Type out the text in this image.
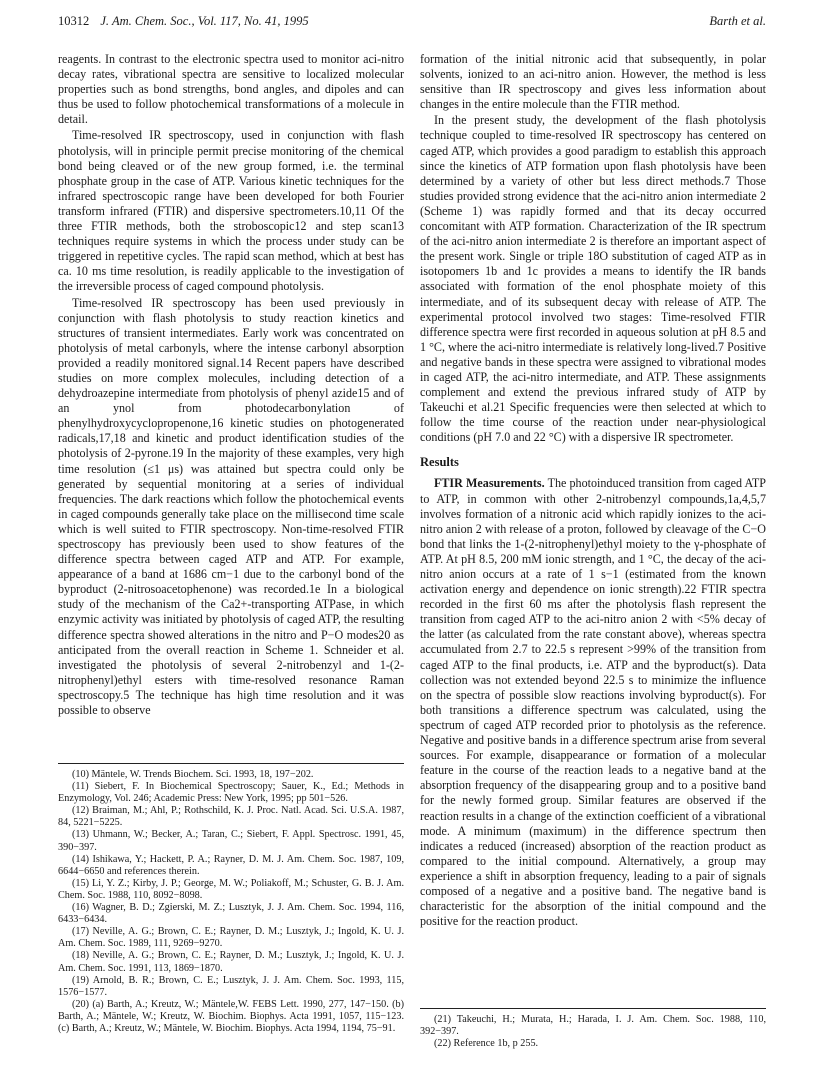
10312 J. Am. Chem. Soc., Vol. 117, No. 41, 1995	Barth et al.

reagents. In contrast to the electronic spectra used to monitor aci-nitro decay rates, vibrational spectra are sensitive to localized molecular properties such as bond strengths, bond angles, and dipoles and can thus be used to follow photochemical transformations of a molecule in detail.

Time-resolved IR spectroscopy, used in conjunction with flash photolysis, will in principle permit precise monitoring of the chemical bond being cleaved or of the new group formed, i.e. the terminal phosphate group in the case of ATP. Various kinetic techniques for the infrared spectroscopic range have been developed for both Fourier transform infrared (FTIR) and dispersive spectrometers.10,11 Of the three FTIR methods, both the stroboscopic12 and step scan13 techniques require systems in which the process under study can be triggered in repetitive cycles. The rapid scan method, which at best has ca. 10 ms time resolution, is readily applicable to the investigation of the irreversible process of caged compound photolysis.

Time-resolved IR spectroscopy has been used previously in conjunction with flash photolysis to study reaction kinetics and structures of transient intermediates. Early work was concentrated on photolysis of metal carbonyls, where the intense carbonyl absorption provided a readily monitored signal.14 Recent papers have described studies on more complex molecules, including detection of a dehydroazepine intermediate from photolysis of phenyl azide15 and of an ynol from photodecarbonylation of phenylhydroxycyclopropenone,16 kinetic studies on photogenerated radicals,17,18 and kinetic and product identification studies of the photolysis of 2-pyrone.19 In the majority of these examples, very high time resolution (≤1 μs) was attained but spectra could only be generated by sequential monitoring at a series of individual frequencies. The dark reactions which follow the photochemical events in caged compounds generally take place on the millisecond time scale which is well suited to FTIR spectroscopy. Non-time-resolved FTIR spectroscopy has previously been used to show features of the difference spectra between caged ATP and ATP. For example, appearance of a band at 1686 cm−1 due to the carbonyl bond of the byproduct (2-nitrosoacetophenone) was recorded.1e In a biological study of the mechanism of the Ca2+-transporting ATPase, in which enzymic activity was initiated by photolysis of caged ATP, the resulting difference spectra showed alterations in the nitro and P−O modes20 as anticipated from the overall reaction in Scheme 1. Schneider et al. investigated the photolysis of several 2-nitrobenzyl and 1-(2-nitrophenyl)ethyl esters with time-resolved resonance Raman spectroscopy.5 The technique has high time resolution and it was possible to observe

(10) Mäntele, W. Trends Biochem. Sci. 1993, 18, 197−202.

(11) Siebert, F. In Biochemical Spectroscopy; Sauer, K., Ed.; Methods in Enzymology, Vol. 246; Academic Press: New York, 1995; pp 501−526.

(12) Braiman, M.; Ahl, P.; Rothschild, K. J. Proc. Natl. Acad. Sci. U.S.A. 1987, 84, 5221−5225.

(13) Uhmann, W.; Becker, A.; Taran, C.; Siebert, F. Appl. Spectrosc. 1991, 45, 390−397.

(14) Ishikawa, Y.; Hackett, P. A.; Rayner, D. M. J. Am. Chem. Soc. 1987, 109, 6644−6650 and references therein.

(15) Li, Y. Z.; Kirby, J. P.; George, M. W.; Poliakoff, M.; Schuster, G. B. J. Am. Chem. Soc. 1988, 110, 8092−8098.

(16) Wagner, B. D.; Zgierski, M. Z.; Lusztyk, J. J. Am. Chem. Soc. 1994, 116, 6433−6434.

(17) Neville, A. G.; Brown, C. E.; Rayner, D. M.; Lusztyk, J.; Ingold, K. U. J. Am. Chem. Soc. 1989, 111, 9269−9270.

(18) Neville, A. G.; Brown, C. E.; Rayner, D. M.; Lusztyk, J.; Ingold, K. U. J. Am. Chem. Soc. 1991, 113, 1869−1870.

(19) Arnold, B. R.; Brown, C. E.; Lusztyk, J. J. Am. Chem. Soc. 1993, 115, 1576−1577.

(20) (a) Barth, A.; Kreutz, W.; Mäntele,W. FEBS Lett. 1990, 277, 147−150. (b) Barth, A.; Mäntele, W.; Kreutz, W. Biochim. Biophys. Acta 1991, 1057, 115−123. (c) Barth, A.; Kreutz, W.; Mäntele, W. Biochim. Biophys. Acta 1994, 1194, 75−91.

formation of the initial nitronic acid that subsequently, in polar solvents, ionized to an aci-nitro anion. However, the method is less sensitive than IR spectroscopy and gives less information about changes in the entire molecule than the FTIR method.

In the present study, the development of the flash photolysis technique coupled to time-resolved IR spectroscopy has centered on caged ATP, which provides a good paradigm to establish this approach since the kinetics of ATP formation upon flash photolysis have been determined by a variety of other but less direct methods.7 Those studies provided strong evidence that the aci-nitro anion intermediate 2 (Scheme 1) was rapidly formed and that its decay occurred concomitant with ATP formation. Characterization of the IR spectrum of the aci-nitro anion intermediate 2 is therefore an important aspect of the present work. Single or triple 18O substitution of caged ATP as in isotopomers 1b and 1c provides a means to identify the IR bands associated with formation of the enol phosphate moiety of this intermediate, and of its subsequent decay with release of ATP. The experimental protocol involved two stages: Time-resolved FTIR difference spectra were first recorded in aqueous solution at pH 8.5 and 1 °C, where the aci-nitro intermediate is relatively long-lived.7 Positive and negative bands in these spectra were assigned to vibrational modes in caged ATP, the aci-nitro intermediate, and ATP. These assignments complement and extend the previous infrared study of ATP by Takeuchi et al.21 Specific frequencies were then selected at which to follow the time course of the reaction under near-physiological conditions (pH 7.0 and 22 °C) with a dispersive IR spectrometer.

Results

FTIR Measurements. The photoinduced transition from caged ATP to ATP, in common with other 2-nitrobenzyl compounds,1a,4,5,7 involves formation of a nitronic acid which rapidly ionizes to the aci-nitro anion 2 with release of a proton, followed by cleavage of the C−O bond that links the 1-(2-nitrophenyl)ethyl moiety to the γ-phosphate of ATP. At pH 8.5, 200 mM ionic strength, and 1 °C, the decay of the aci-nitro anion occurs at a rate of 1 s−1 (estimated from the known activation energy and dependence on ionic strength).22 FTIR spectra recorded in the first 60 ms after the photolysis flash represent the transition from caged ATP to the aci-nitro anion 2 with <5% decay of the latter (as calculated from the rate constant above), whereas spectra accumulated from 2.7 to 22.5 s represent >99% of the transition from caged ATP to the final products, i.e. ATP and the byproduct(s). Data collection was not extended beyond 22.5 s to minimize the influence on the spectra of possible slow reactions involving byproduct(s). For both transitions a difference spectrum was calculated, using the spectrum of caged ATP recorded prior to photolysis as the reference. Negative and positive bands in a difference spectrum arise from several sources. For example, disappearance or formation of a molecular feature in the course of the reaction leads to a negative band at the absorption frequency of the disappearing group and to a positive band for the newly formed group. Similar features are observed if the reaction results in a change of the extinction coefficient of a vibrational mode. A minimum (maximum) in the difference spectrum then indicates a reduced (increased) absorption of the reaction product as compared to the initial compound. Alternatively, a group may experience a shift in absorption frequency, leading to a pair of signals composed of a negative and a positive band. The negative band is characteristic for the absorption of the initial compound and the positive for the reaction product.

(21) Takeuchi, H.; Murata, H.; Harada, I. J. Am. Chem. Soc. 1988, 110, 392−397.

(22) Reference 1b, p 255.
